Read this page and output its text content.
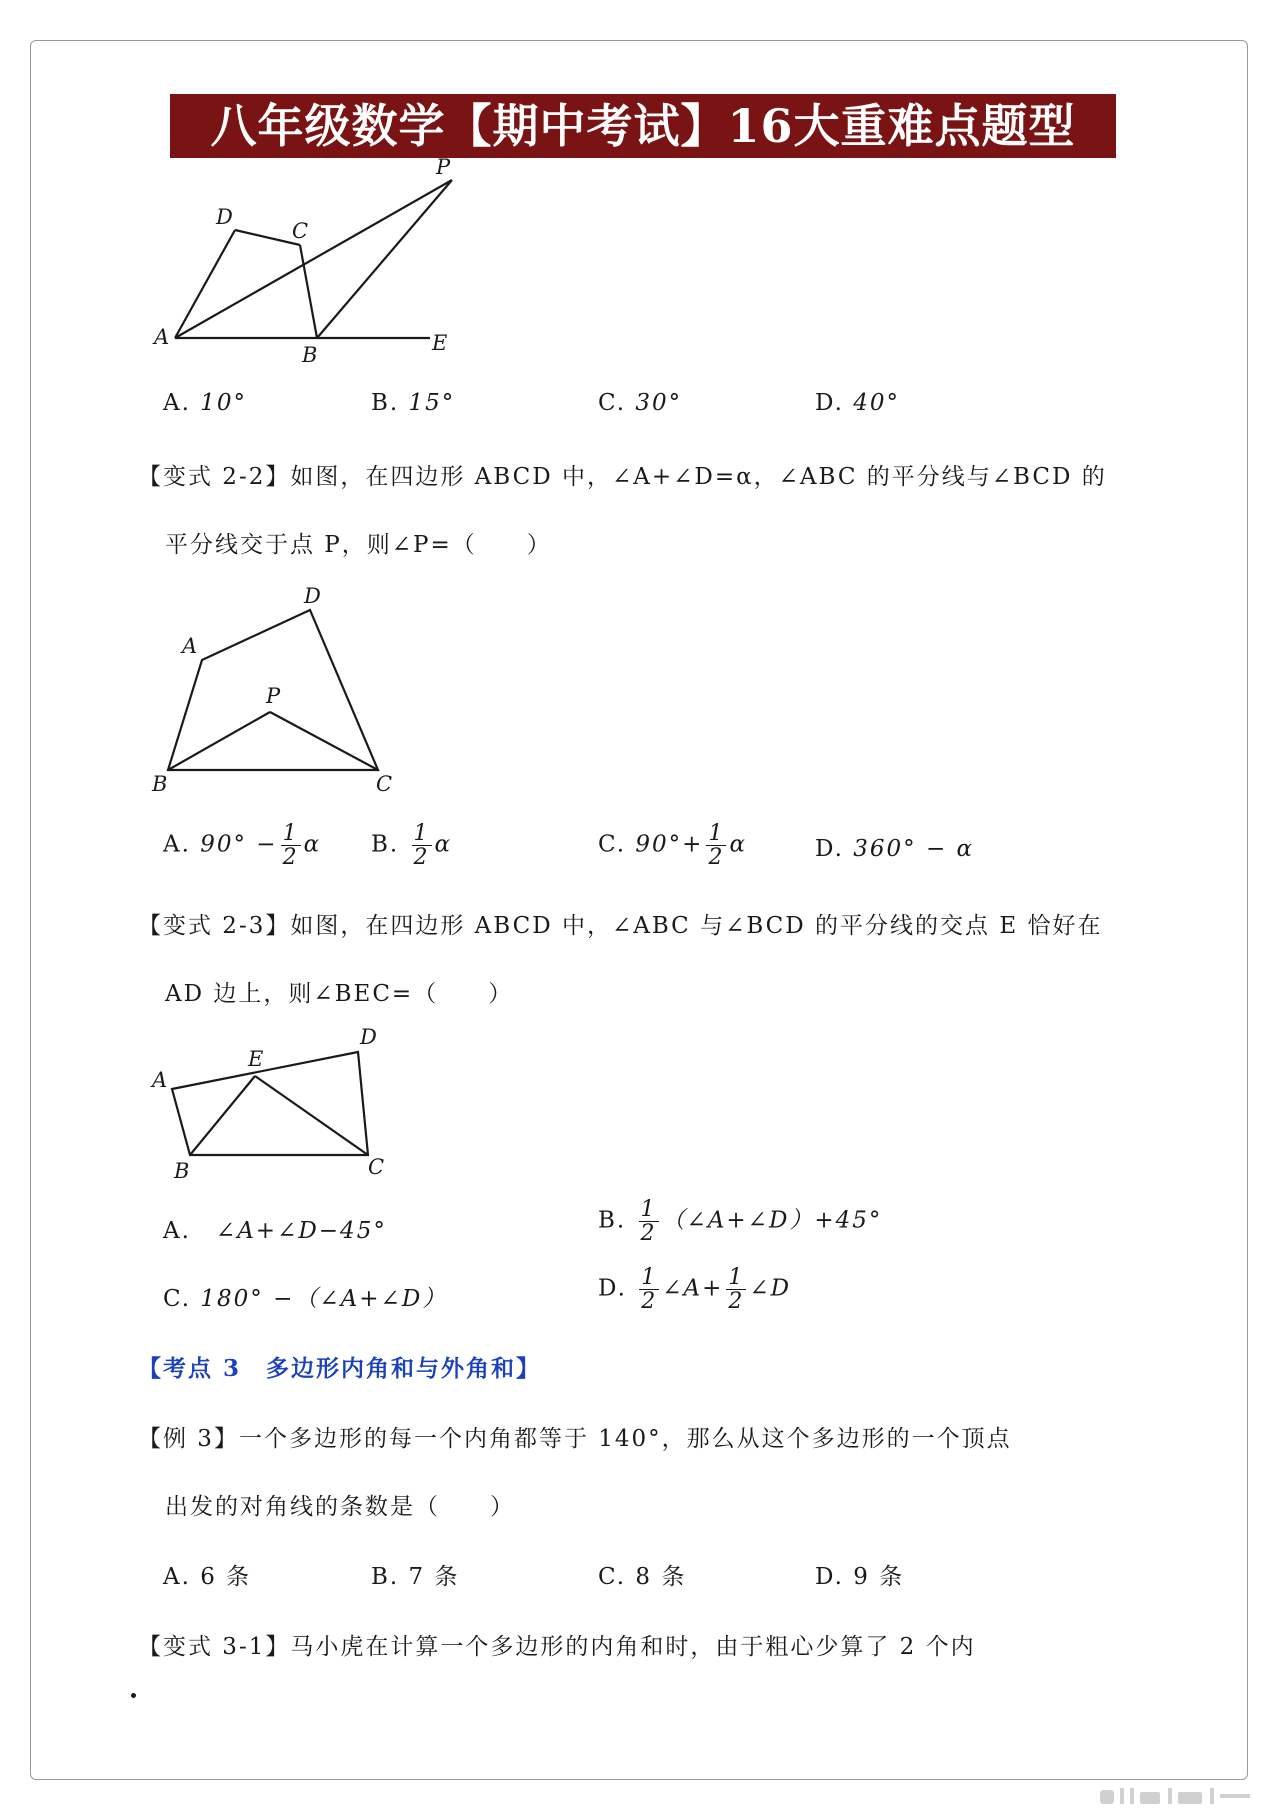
八年级数学【期中考试】16大重难点题型
A
D
C
B	E
P
A. 10°	B. 15°	C. 30°	D. 40°
【变式 2-2】如图，在四边形 ABCD 中，∠A+∠D=α，∠ABC 的平分线与∠BCD 的
平分线交于点 P，则∠P=（　　）
A
D
P
B	C
A. $90^\circ - \frac{1}{2}$ α B. $\frac{1}{2}$ α	C. $90^\circ+ \frac{1}{2}$ α	D. 360° − α
【变式 2-3】如图，在四边形 ABCD 中，∠ABC 与∠BCD 的平分线的交点 E 恰好在
AD 边上，则∠BEC=（　　）
A
E
D
B	C
A.　 ∠A+∠D−45°	B. $\frac{1}{2}$ （∠A+∠D）+45°
C. 180° −（∠A+∠D）	D. $\frac{1}{2}$ ∠A+ $\frac{1}{2}$ ∠D
【考点 3　多边形内角和与外角和】
【例 3】一个多边形的每一个内角都等于 140°，那么从这个多边形的一个顶点
出发的对角线的条数是（　　）
A. 6 条	B. 7 条	C. 8 条	D. 9 条
【变式 3-1】马小虎在计算一个多边形的内角和时，由于粗心少算了 2 个内
